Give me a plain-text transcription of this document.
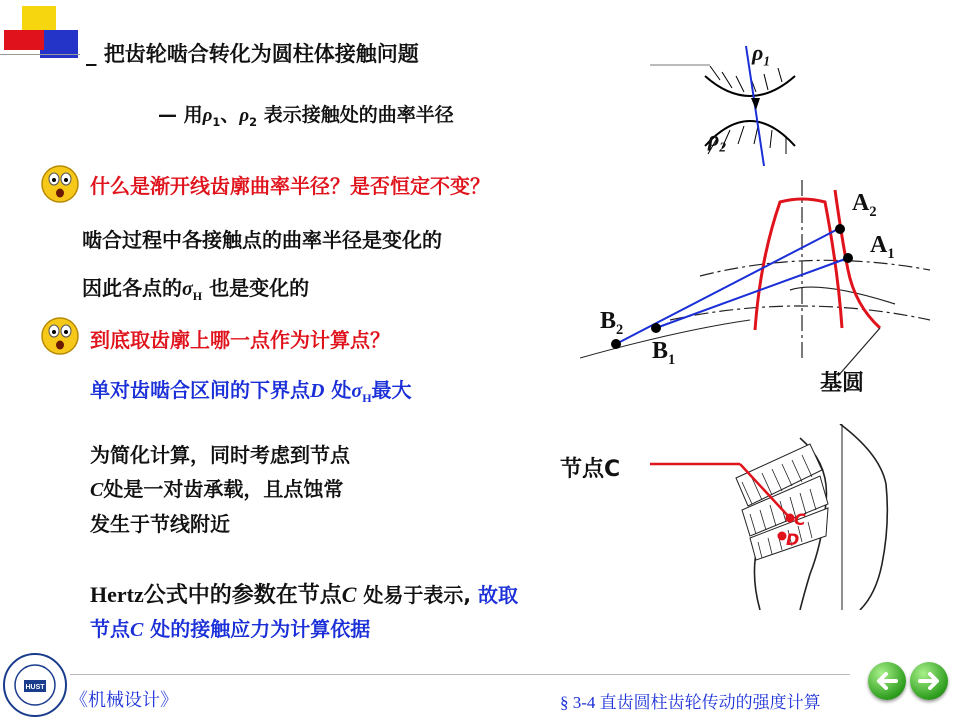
_ 把齿轮啮合转化为圆柱体接触问题
— 用$\rho_1$、$\rho_2$ 表示接触处的曲率半径
什么是渐开线齿廓曲率半径？是否恒定不变？
啮合过程中各接触点的曲率半径是变化的
因此各点的$\sigma_H$ 也是变化的
到底取齿廓上哪一点作为计算点？
单对齿啮合区间的下界点D 处$\sigma_H$最大
为简化计算，同时考虑到节点
C处是一对齿承载，且点蚀常
发生于节线附近
Hertz公式中的参数在节点C 处易于表示, 故取
节点C 处的接触应力为计算依据
$\rho_1$
$\rho_2$
$A_2$
$A_1$
$B_2$
$B_1$
基圆
节点C
C
D
HUST
《机械设计》	§ 3-4 直齿圆柱齿轮传动的强度计算
